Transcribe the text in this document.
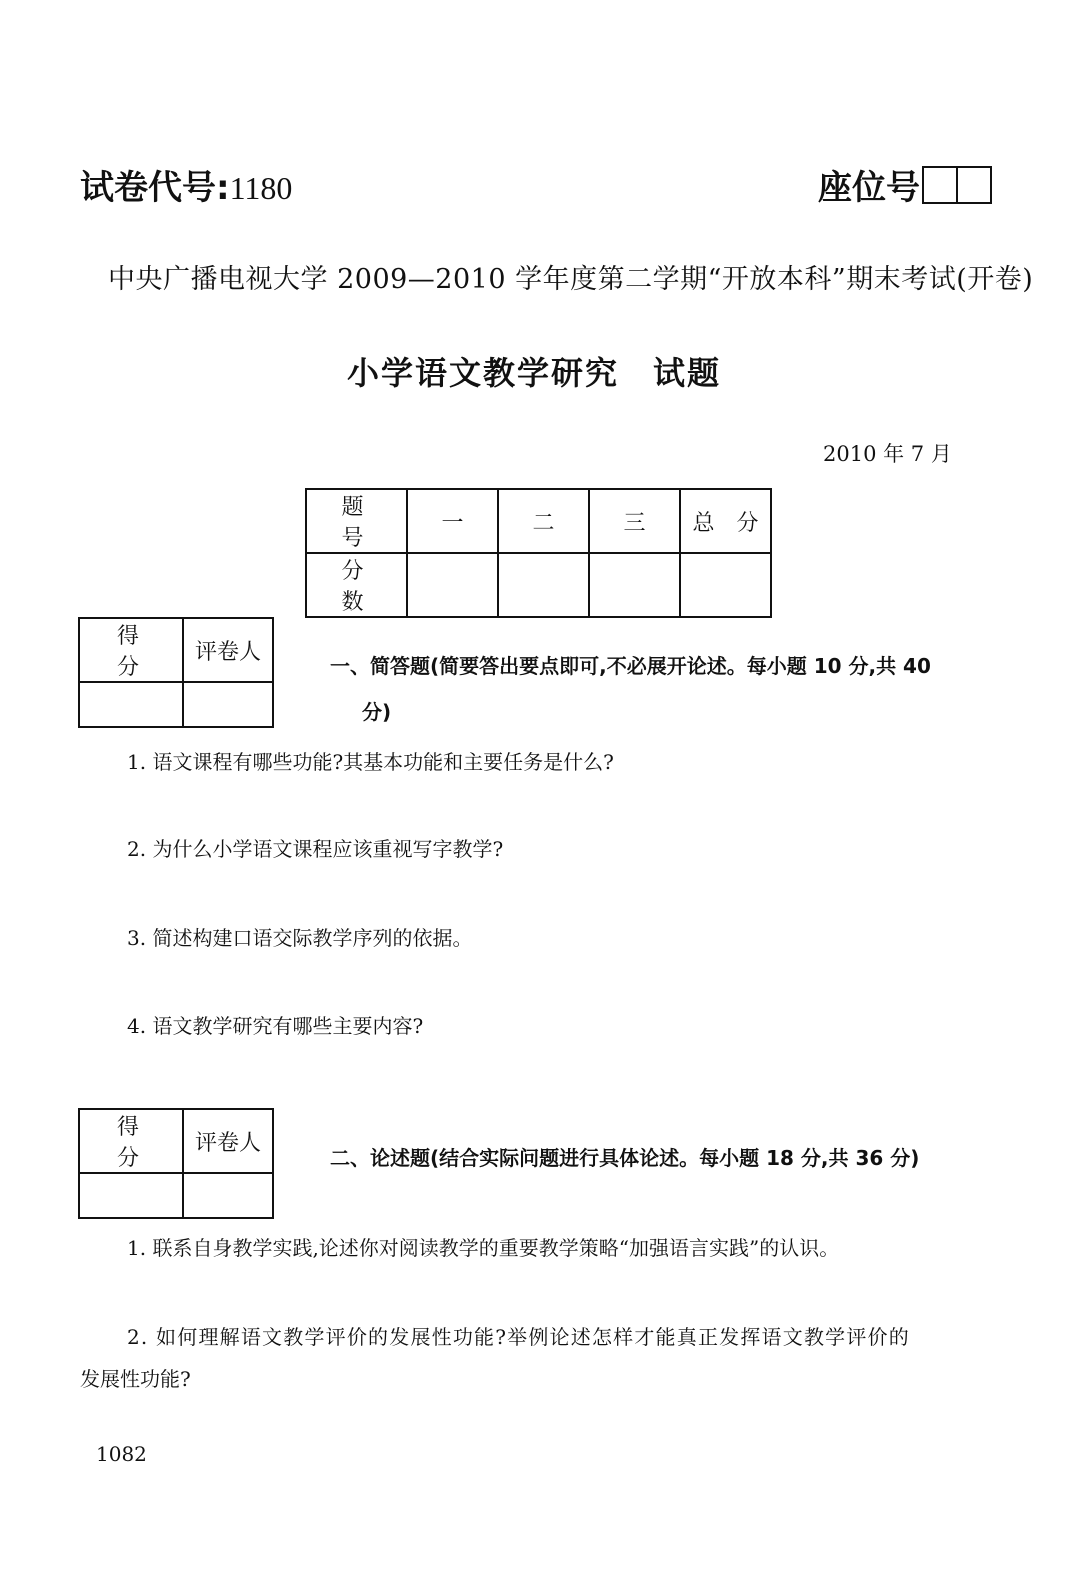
试卷代号:1180	座位号
中央广播电视大学 2009—2010 学年度第二学期“开放本科”期末考试(开卷)
小学语文教学研究　试题
2010 年 7 月
题　号	一	二	三	总　分
分　数				
得　分	评卷人

一、简答题(简要答出要点即可,不必展开论述。每小题 10 分,共 40
分)
1. 语文课程有哪些功能?其基本功能和主要任务是什么?
2. 为什么小学语文课程应该重视写字教学?
3. 简述构建口语交际教学序列的依据。
4. 语文教学研究有哪些主要内容?
得　分	评卷人

二、论述题(结合实际问题进行具体论述。每小题 18 分,共 36 分)
1. 联系自身教学实践,论述你对阅读教学的重要教学策略“加强语言实践”的认识。
2. 如何理解语文教学评价的发展性功能?举例论述怎样才能真正发挥语文教学评价的
发展性功能?
1082
